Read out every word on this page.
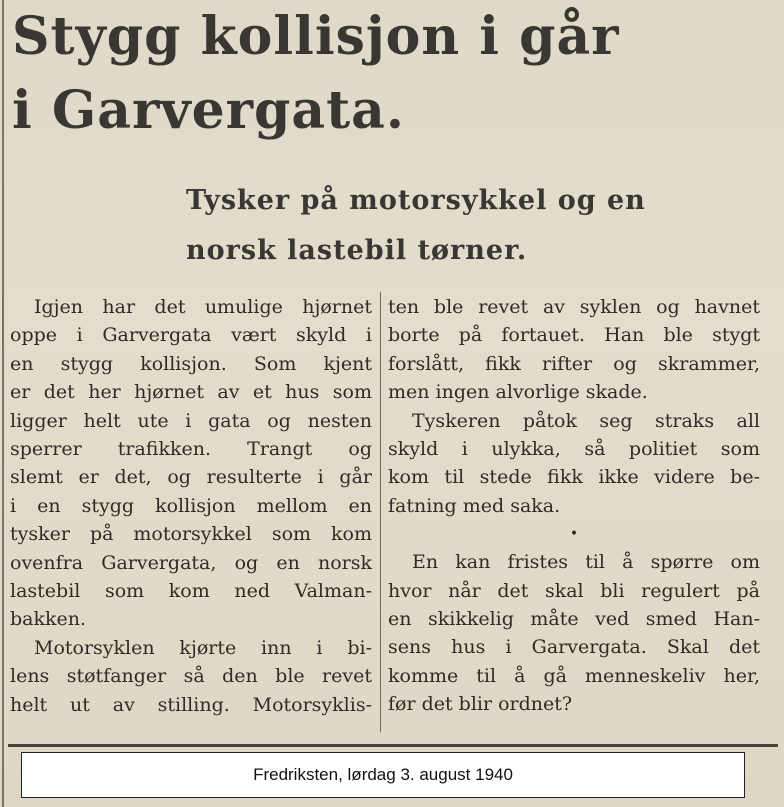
Stygg kollisjon i går
i Garvergata.
Tysker på motorsykkel og en
norsk lastebil tørner.
Igjen har det umulige hjørnet
oppe i Garvergata vært skyld i
en stygg kollisjon. Som kjent
er det her hjørnet av et hus som
ligger helt ute i gata og nesten
sperrer trafikken. Trangt og
slemt er det, og resulterte i går
i en stygg kollisjon mellom en
tysker på motorsykkel som kom
ovenfra Garvergata, og en norsk
lastebil som kom ned Valman-
bakken.
Motorsyklen kjørte inn i bi-
lens støtfanger så den ble revet
helt ut av stilling. Motorsyklis-
ten ble revet av syklen og havnet
borte på fortauet. Han ble stygt
forslått, fikk rifter og skrammer,
men ingen alvorlige skade.
Tyskeren påtok seg straks all
skyld i ulykka, så politiet som
kom til stede fikk ikke videre be-
fatning med saka.
•
En kan fristes til å spørre om
hvor når det skal bli regulert på
en skikkelig måte ved smed Han-
sens hus i Garvergata. Skal det
komme til å gå menneskeliv her,
før det blir ordnet?
Fredriksten, lørdag 3. august 1940
